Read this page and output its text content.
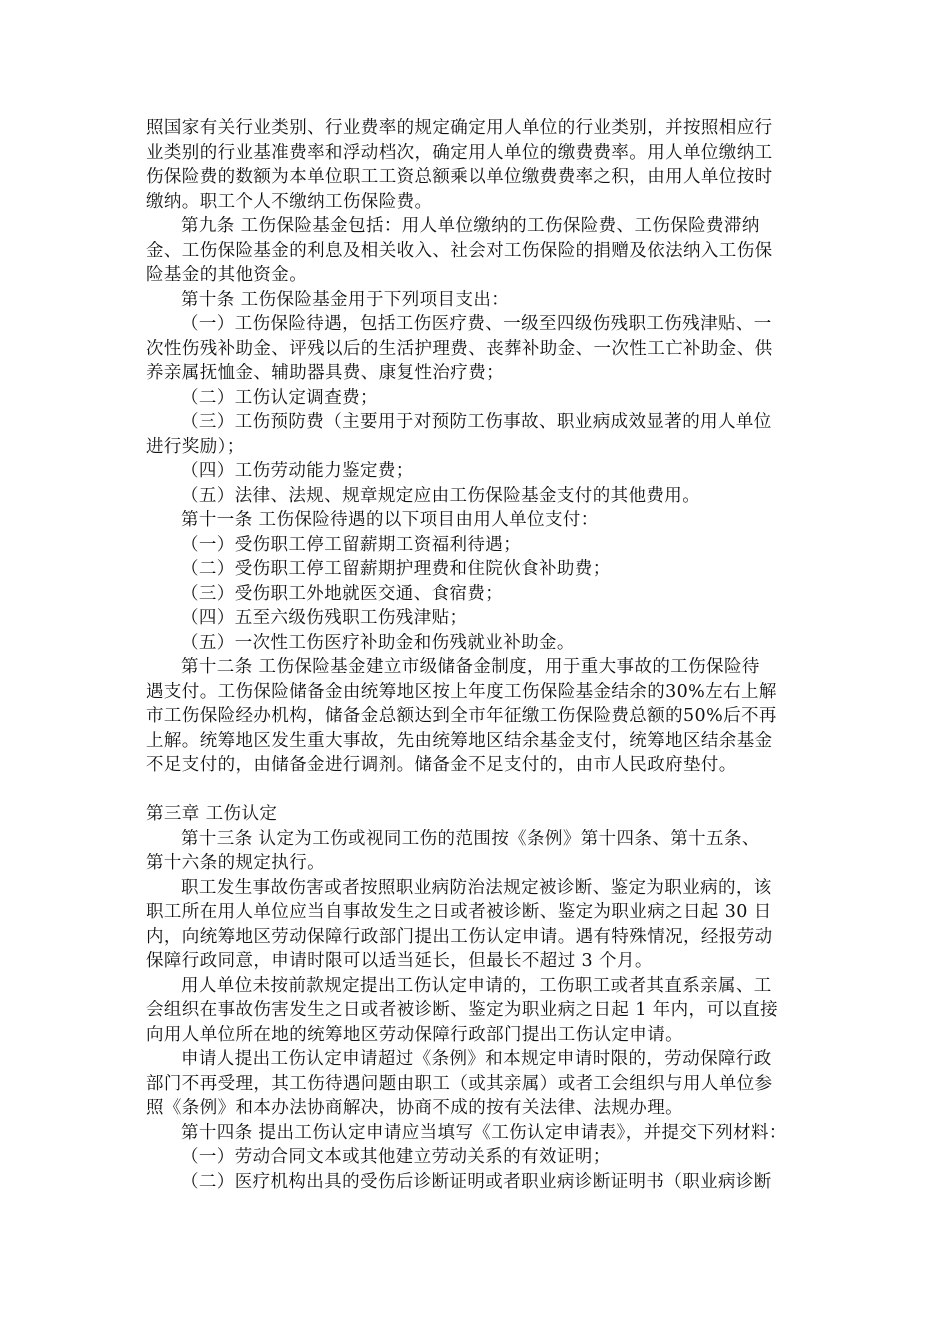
照国家有关行业类别、行业费率的规定确定用人单位的行业类别，并按照相应行
业类别的行业基准费率和浮动档次，确定用人单位的缴费费率。用人单位缴纳工
伤保险费的数额为本单位职工工资总额乘以单位缴费费率之积，由用人单位按时
缴纳。职工个人不缴纳工伤保险费。
第九条 工伤保险基金包括：用人单位缴纳的工伤保险费、工伤保险费滞纳
金、工伤保险基金的利息及相关收入、社会对工伤保险的捐赠及依法纳入工伤保
险基金的其他资金。
第十条 工伤保险基金用于下列项目支出：
（一）工伤保险待遇，包括工伤医疗费、一级至四级伤残职工伤残津贴、一
次性伤残补助金、评残以后的生活护理费、丧葬补助金、一次性工亡补助金、供
养亲属抚恤金、辅助器具费、康复性治疗费；
（二）工伤认定调查费；
（三）工伤预防费（主要用于对预防工伤事故、职业病成效显著的用人单位
进行奖励）；
（四）工伤劳动能力鉴定费；
（五）法律、法规、规章规定应由工伤保险基金支付的其他费用。
第十一条 工伤保险待遇的以下项目由用人单位支付：
（一）受伤职工停工留薪期工资福利待遇；
（二）受伤职工停工留薪期护理费和住院伙食补助费；
（三）受伤职工外地就医交通、食宿费；
（四）五至六级伤残职工伤残津贴；
（五）一次性工伤医疗补助金和伤残就业补助金。
第十二条 工伤保险基金建立市级储备金制度，用于重大事故的工伤保险待
遇支付。工伤保险储备金由统筹地区按上年度工伤保险基金结余的30%左右上解
市工伤保险经办机构，储备金总额达到全市年征缴工伤保险费总额的50%后不再
上解。统筹地区发生重大事故，先由统筹地区结余基金支付，统筹地区结余基金
不足支付的，由储备金进行调剂。储备金不足支付的，由市人民政府垫付。
第三章 工伤认定
第十三条 认定为工伤或视同工伤的范围按《条例》第十四条、第十五条、
第十六条的规定执行。
职工发生事故伤害或者按照职业病防治法规定被诊断、鉴定为职业病的，该
职工所在用人单位应当自事故发生之日或者被诊断、鉴定为职业病之日起 30 日
内，向统筹地区劳动保障行政部门提出工伤认定申请。遇有特殊情况，经报劳动
保障行政同意，申请时限可以适当延长，但最长不超过 3 个月。
用人单位未按前款规定提出工伤认定申请的，工伤职工或者其直系亲属、工
会组织在事故伤害发生之日或者被诊断、鉴定为职业病之日起 1 年内，可以直接
向用人单位所在地的统筹地区劳动保障行政部门提出工伤认定申请。
申请人提出工伤认定申请超过《条例》和本规定申请时限的，劳动保障行政
部门不再受理，其工伤待遇问题由职工（或其亲属）或者工会组织与用人单位参
照《条例》和本办法协商解决，协商不成的按有关法律、法规办理。
第十四条 提出工伤认定申请应当填写《工伤认定申请表》，并提交下列材料：
（一）劳动合同文本或其他建立劳动关系的有效证明；
（二）医疗机构出具的受伤后诊断证明或者职业病诊断证明书（职业病诊断
